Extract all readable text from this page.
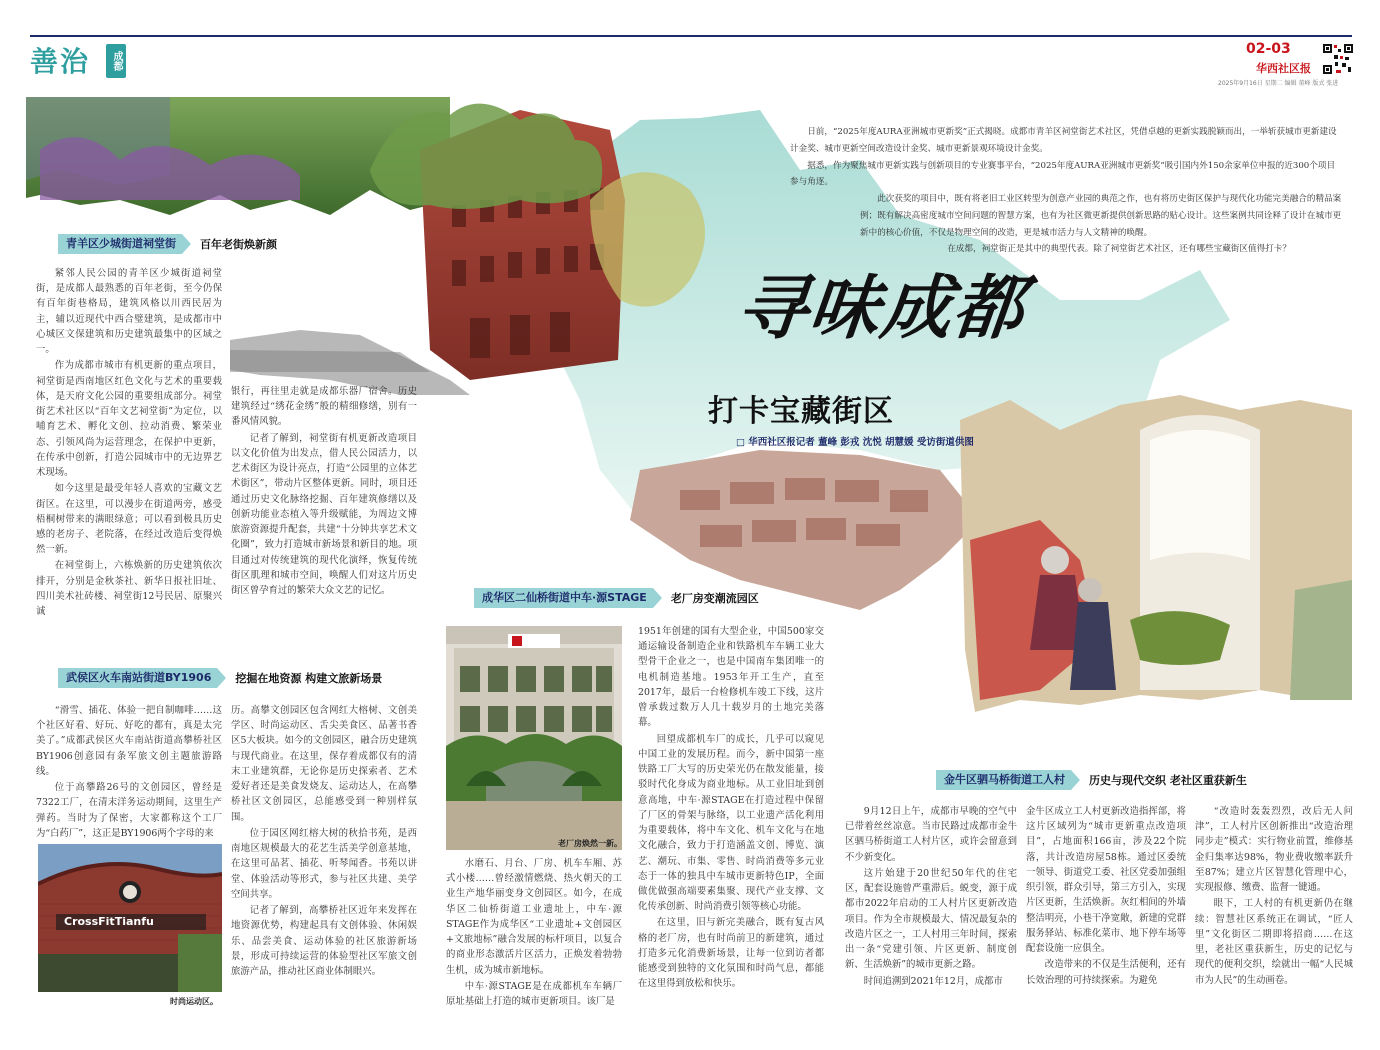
善治	成都
02-03
华西社区报
2025年9月16日 星期二 编辑 董峰 版式 张进
寻味成都
打卡宝藏街区
□ 华西社区报记者 董峰 彭戎 沈悦 胡慧媛 受访街道供图

日前，“2025年度AURA亚洲城市更新奖”正式揭晓。成都市青羊区祠堂街艺术社区，凭借卓越的更新实践脱颖而出，一举斩获城市更新建设计金奖、城市更新空间改造设计金奖、城市更新景观环境设计金奖。

据悉，作为聚焦城市更新实践与创新项目的专业赛事平台，“2025年度AURA亚洲城市更新奖”吸引国内外150余家单位申报的近300个项目参与角逐。

此次获奖的项目中，既有将老旧工业区转型为创意产业园的典范之作，也有将历史街区保护与现代化功能完美融合的精品案例；既有解决高密度城市空间问题的智慧方案，也有为社区微更新提供创新思路的贴心设计。这些案例共同诠释了设计在城市更新中的核心价值，不仅是物理空间的改造，更是城市活力与人文精神的唤醒。

在成都，祠堂街正是其中的典型代表。除了祠堂街艺术社区，还有哪些宝藏街区值得打卡？

青羊区少城街道祠堂街	百年老街焕新颜

紧邻人民公园的青羊区少城街道祠堂街，是成都人最熟悉的百年老街，至今仍保有百年街巷格局，建筑风格以川西民居为主，辅以近现代中西合璧建筑，是成都市中心城区文保建筑和历史建筑最集中的区域之一。

作为成都市城市有机更新的重点项目，祠堂街是西南地区红色文化与艺术的重要载体，是天府文化公园的重要组成部分。祠堂街艺术社区以“百年文艺祠堂街”为定位，以哺育艺术、孵化文创、拉动消费、繁荣业态、引领风尚为运营理念，在保护中更新，在传承中创新，打造公园城市中的无边界艺术现场。

如今这里是最受年轻人喜欢的宝藏文艺街区。在这里，可以漫步在街道两旁，感受梧桐树带来的满眼绿意；可以看到极具历史感的老房子、老院落，在经过改造后变得焕然一新。

在祠堂街上，六栋焕新的历史建筑依次排开，分别是金秋茶社、新华日报社旧址、四川美术社砖楼、祠堂街12号民居、原聚兴诚

银行，再往里走就是成都乐器厂宿舍。历史建筑经过“绣花金绣”般的精细修缮，别有一番风情风貌。

记者了解到，祠堂街有机更新改造项目以文化价值为出发点，借人民公园活力，以艺术街区为设计亮点，打造“公园里的立体艺术街区”，带动片区整体更新。同时，项目还通过历史文化脉络挖掘、百年建筑修缮以及创新功能业态植入等升级赋能，为周边文博旅游资源提升配套，共建“十分钟共享艺术文化圈”，致力打造城市新场景和新目的地。项目通过对传统建筑的现代化演绎，恢复传统街区肌理和城市空间，唤醒人们对这片历史街区曾孕育过的繁荣大众文艺的记忆。

武侯区火车南站街道BY1906	挖掘在地资源 构建文旅新场景

“滑雪、插花、体验一把自制咖啡……这个社区好看、好玩、好吃的都有，真是太完美了。”成都武侯区火车南站街道高攀桥社区BY1906创意园有条军旅文创主题旅游路线。

位于高攀路26号的文创园区，曾经是7322工厂，在清末洋务运动期间，这里生产弹药。当时为了保密，大家都称这个工厂为“白药厂”，这正是BY1906两个字母的来

历。高攀文创园区包含网红大榕树、文创美学区、时尚运动区、舌尖美食区、品著书香区5大板块。如今的文创园区，融合历史建筑与现代商业。在这里，保存着成都仅有的清末工业建筑群，无论你是历史探索者、艺术爱好者还是美食发烧友、运动达人，在高攀桥社区文创园区，总能感受到一种别样氛围。

位于园区网红榕大树的秋拾书苑，是西南地区规模最大的花艺生活美学创意基地，在这里可品茗、插花、听琴闻香。书苑以讲堂、体验活动等形式，参与社区共建、美学空间共享。

记者了解到，高攀桥社区近年来发挥在地资源优势，构建起具有文创体验、休闲娱乐、品尝美食、运动体验的社区旅游新场景，形成可持续运营的体验型社区军旅文创旅游产品，推动社区商业体制眼兴。

CrossFitTianfu
时尚运动区。
成华区二仙桥街道中车·源STAGE	老厂房变潮流园区
老厂房焕然一新。

水磨石、月台、厂房、机车车厢、苏式小楼……曾经激情燃烧、热火朝天的工业生产地华丽变身文创园区。如今，在成华区二仙桥街道工业遗址上，中车·源STAGE作为成华区“工业遗址+文创园区+文旅地标”融合发展的标杆项目，以复合的商业形态激活片区活力，正焕发着勃勃生机，成为城市新地标。

中车·源STAGE是在成都机车车辆厂原址基础上打造的城市更新项目。该厂是

1951年创建的国有大型企业，中国500家交通运输设备制造企业和铁路机车车辆工业大型骨干企业之一，也是中国南车集团唯一的电机制造基地。1953年开工生产，直至2017年，最后一台检修机车竣工下线，这片曾承载过数万人几十载岁月的土地完美落幕。

回望成都机车厂的成长，几乎可以窥见中国工业的发展历程。而今，新中国第一座铁路工厂大写的历史荣光仍在散发能量，接驳时代化身成为商业地标。从工业旧址到创意高地，中车·源STAGE在打造过程中保留了厂区的骨架与脉络，以工业遗产活化利用为重要载体，将中车文化、机车文化与在地文化融合，致力于打造涵盖文创、博览、演艺、潮玩、市集、零售、时尚消费等多元业态于一体的独具中车城市更新特色IP，全面做优做强高端要素集聚、现代产业支撑、文化传承创新、时尚消费引领等核心功能。

在这里，旧与新完美融合，既有复古风格的老厂房，也有时尚前卫的新建筑，通过打造多元化消费新场景，让每一位到访者都能感受到独特的文化氛围和时尚气息，都能在这里得到放松和快乐。

金牛区驷马桥街道工人村	历史与现代交织 老社区重获新生

9月12日上午，成都市早晚的空气中已带着丝丝凉意。当市民路过成都市金牛区驷马桥街道工人村片区，或许会留意到不少新变化。

这片始建于20世纪50年代的住宅区，配套设施曾严重滞后。蜕变，源于成都市2022年启动的工人村片区更新改造项目。作为全市规模最大、情况最复杂的改造片区之一，工人村用三年时间，探索出一条“党建引领、片区更新、制度创新、生活焕新”的城市更新之路。

时间追溯到2021年12月，成都市

金牛区成立工人村更新改造指挥部，将这片区域列为“城市更新重点改造项目”，占地面积166亩，涉及22个院落，共计改造房屋58栋。通过区委统一领导、街道党工委、社区党委加强组织引领，群众引导，第三方引入，实现片区更新，生活焕新。灰红相间的外墙整洁明亮，小巷干净宽敞，新建的党群服务驿站、标准化菜市、地下停车场等配套设施一应俱全。

改造带来的不仅是生活便利，还有长效治理的可持续探索。为避免

“改造时轰轰烈烈，改后无人问津”，工人村片区创新推出“改造治理同步走”模式：实行物业前置，维修基金归集率达98%，物业费收缴率跃升至87%；建立片区智慧化管理中心，实现报修、缴费、监督一键通。

眼下，工人村的有机更新仍在继续：智慧社区系统正在调试，“匠人里”文化街区二期即将招商……在这里，老社区重获新生，历史的记忆与现代的便利交织，绘就出一幅“人民城市为人民”的生动画卷。
